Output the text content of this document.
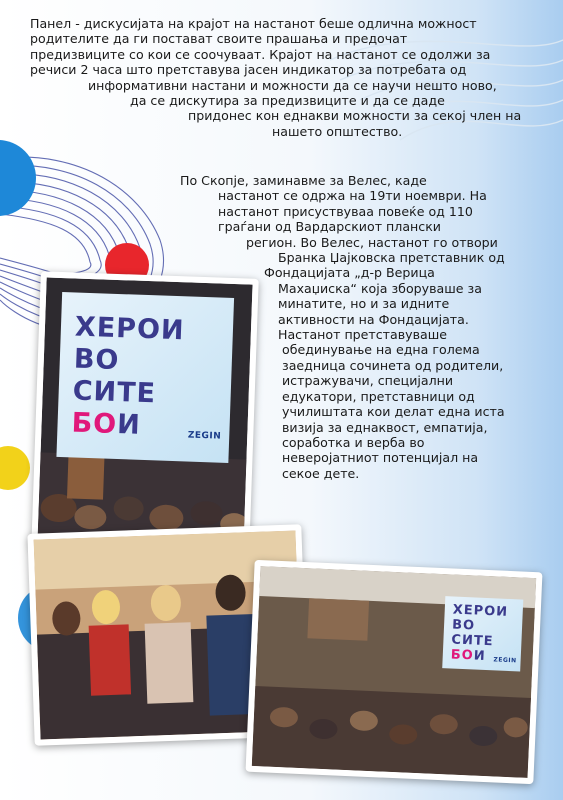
Панел - дискусијата на крајот на настанот беше одлична можност
родителите да ги постават своите прашања и предочат
предизвиците со кои се соочуваат. Крајот на настанот се одолжи за
речиси 2 часа што претставува јасен индикатор за потребата од
информативни настани и можности да се научи нешто ново,
да се дискутира за предизвиците и да се даде
придонес кон еднакви можности за секој член на
нашето општество.

По Скопје, заминавме за Велес, каде
настанот се одржа на 19ти ноември. На
настанот присуствуваа повеќе од 110
граѓани од Вардарскиот плански
регион. Во Велес, настанот го отвори
Бранка Џајковска претставник од
Фондацијата „д-р Верица
Махаџиска“ која зборуваше за
минатите, но и за идните
активности на Фондацијата.
Настанот претставуваше
обединување на една голема
заедница сочинета од родители,
истражувачи, специјални
едукатори, претставници од
училиштата кои делат една иста
визија за еднаквост, емпатија,
соработка и верба во
неверојатниот потенцијал на
секое дете.

ХЕРОИ
ВО
СИТЕ
БОИ	ZEGIN
ХЕРОИ
ВО
СИТЕ
БОИ	ZEGIN
